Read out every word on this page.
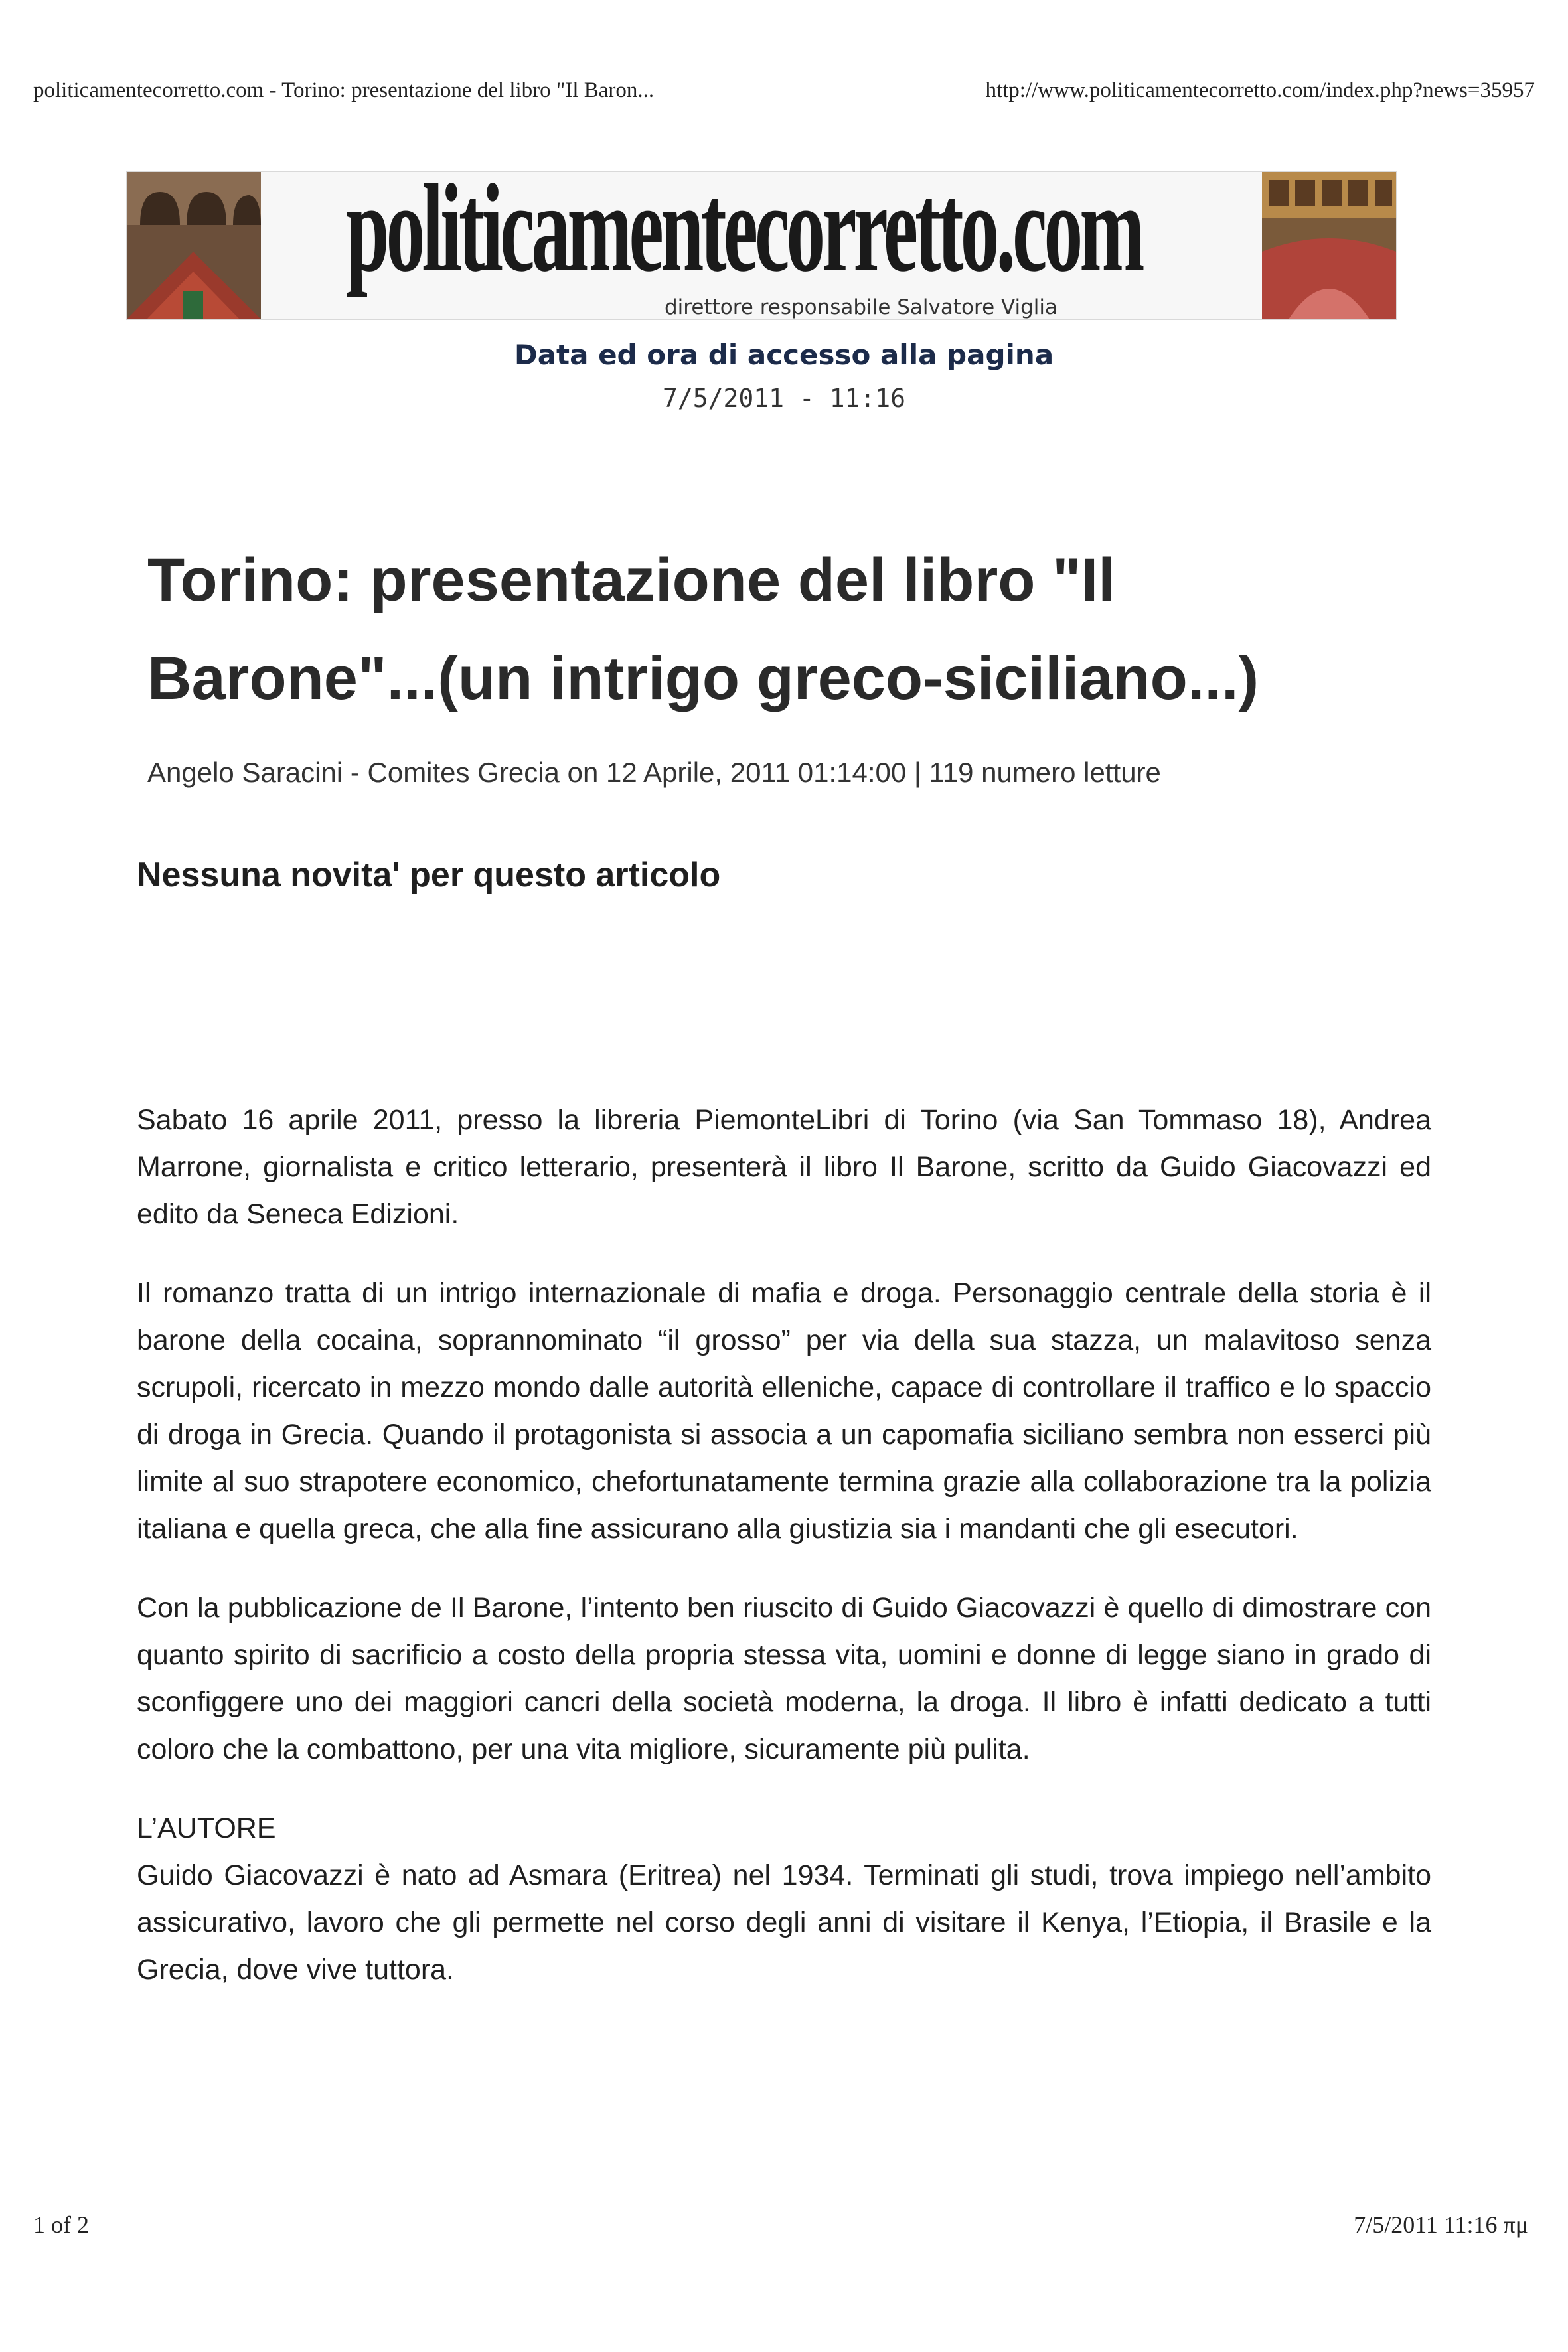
politicamentecorretto.com - Torino: presentazione del libro "Il Baron...	http://www.politicamentecorretto.com/index.php?news=35957
politicamentecorretto.com
direttore responsabile Salvatore Viglia
Data ed ora di accesso alla pagina
7/5/2011 - 11:16
Torino: presentazione del libro "Il
Barone"...(un intrigo greco-siciliano...)
Angelo Saracini - Comites Grecia on 12 Aprile, 2011 01:14:00 | 119 numero letture
Nessuna novita' per questo articolo

Sabato 16 aprile 2011, presso la libreria PiemonteLibri di Torino (via San Tommaso 18), Andrea Marrone, giornalista e critico letterario, presenterà il libro Il Barone, scritto da Guido Giacovazzi ed edito da Seneca Edizioni.

Il romanzo tratta di un intrigo internazionale di mafia e droga. Personaggio centrale della storia è il barone della cocaina, soprannominato “il grosso” per via della sua stazza, un malavitoso senza scrupoli, ricercato in mezzo mondo dalle autorità elleniche, capace di controllare il traffico e lo spaccio di droga in Grecia. Quando il protagonista si associa a un capomafia siciliano sembra non esserci più limite al suo strapotere economico, chefortunatamente termina grazie alla collaborazione tra la polizia italiana e quella greca, che alla fine assicurano alla giustizia sia i mandanti che gli esecutori.

Con la pubblicazione de Il Barone, l’intento ben riuscito di Guido Giacovazzi è quello di dimostrare con quanto spirito di sacrificio a costo della propria stessa vita, uomini e donne di legge siano in grado di sconfiggere uno dei maggiori cancri della società moderna, la droga. Il libro è infatti dedicato a tutti coloro che la combattono, per una vita migliore, sicuramente più pulita.

L’AUTORE

Guido Giacovazzi è nato ad Asmara (Eritrea) nel 1934. Terminati gli studi, trova impiego nell’ambito assicurativo, lavoro che gli permette nel corso degli anni di visitare il Kenya, l’Etiopia, il Brasile e la Grecia, dove vive tuttora.

1 of 2	7/5/2011 11:16 πμ
